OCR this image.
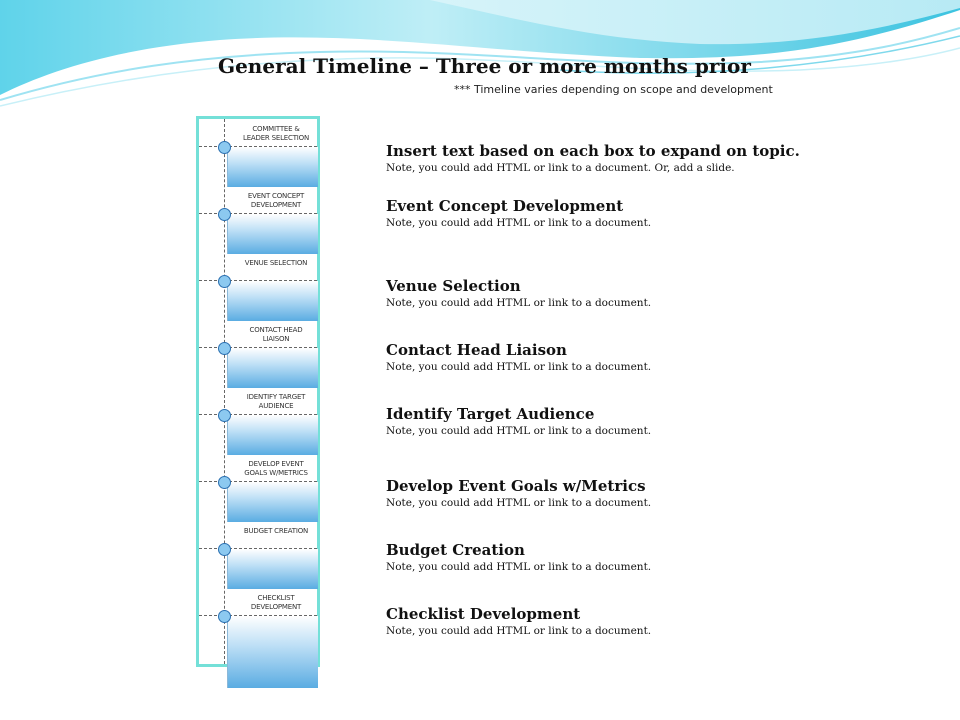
General Timeline – Three or more months prior
*** Timeline varies depending on scope and development
COMMITTEE &
LEADER SELECTION
EVENT CONCEPT
DEVELOPMENT
VENUE SELECTION
CONTACT HEAD
LIAISON
IDENTIFY TARGET
AUDIENCE
DEVELOP EVENT
GOALS W/METRICS
BUDGET CREATION
CHECKLIST
DEVELOPMENT
Insert text based on each box to expand on topic.
Note, you could add HTML or link to a document. Or, add a slide.
Event Concept Development
Note, you could add HTML or link to a document.
Venue Selection
Note, you could add HTML or link to a document.
Contact Head Liaison
Note, you could add HTML or link to a document.
Identify Target Audience
Note, you could add HTML or link to a document.
Develop Event Goals w/Metrics
Note, you could add HTML or link to a document.
Budget Creation
Note, you could add HTML or link to a document.
Checklist Development
Note, you could add HTML or link to a document.
